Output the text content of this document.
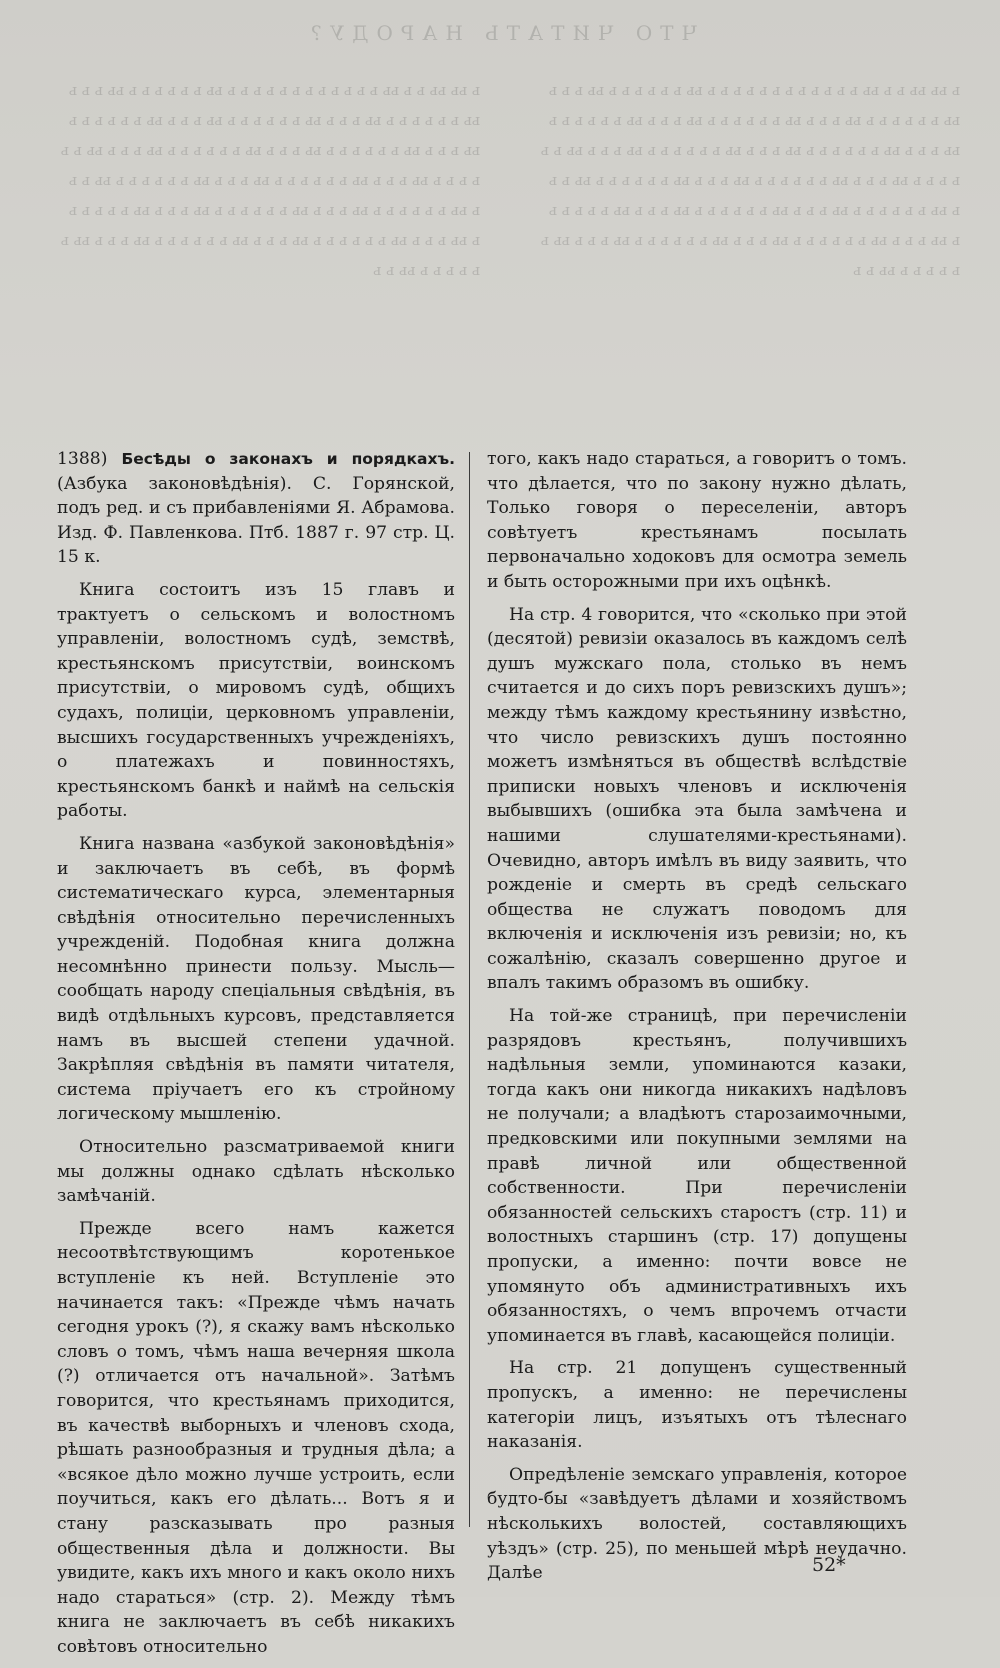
ЧТО ЧИТАТЬ НАРОДУ?
ь ьь ьь ь ь ьь ь ь ь ь ь ь ь ь ь ь ь ь ьь ь ь ь ь ь ь ьь ь ь ь ьь ь ь ь ь ь ь ьь ь ь ь ьь ь ь ь ь ь ь ьь ь ь ь ьь ь ь ь ь ь ь ьь ь ь ь ьь ь ь ь ь ь ь ьь ь ь ь ьь ь ь ь ь ь ь ьь ь ь ь ьь ь ь ь ь ь ь ьь ь ь ь ьь ь ь ь ь ь ь ьь ь ь ь ьь ь ь ь ь ь ь ьь ь ь ь ьь ь ь ь ь ь ь ьь ь ь ь ьь ь ь ь ь ь ь ьь ь ь ь ьь ь ь ь ь ь ь ьь ь ь ь ьь ь ь ь ь ь ь ьь ь ь ь ьь ь ь ь ь ь ь ьь ь ь ь ьь ь ь ь ь ь ь ьь ь ь
ь ьь ьь ь ь ьь ь ь ь ь ь ь ь ь ь ь ь ь ьь ь ь ь ь ь ь ьь ь ь ь ьь ь ь ь ь ь ь ьь ь ь ь ьь ь ь ь ь ь ь ьь ь ь ь ьь ь ь ь ь ь ь ьь ь ь ь ьь ь ь ь ь ь ь ьь ь ь ь ьь ь ь ь ь ь ь ьь ь ь ь ьь ь ь ь ь ь ь ьь ь ь ь ьь ь ь ь ь ь ь ьь ь ь ь ьь ь ь ь ь ь ь ьь ь ь ь ьь ь ь ь ь ь ь ьь ь ь ь ьь ь ь ь ь ь ь ьь ь ь ь ьь ь ь ь ь ь ь ьь ь ь ь ьь ь ь ь ь ь ь ьь ь ь ь ьь ь ь ь ь ь ь ьь ь ь ь ьь ь ь ь ь ь ь ьь ь ь

1388) Бесѣды о законахъ и порядкахъ. (Азбука законовѣдѣнія). С. Горянской, подъ ред. и съ прибавленіями Я. Абрамова. Изд. Ф. Павленкова. Птб. 1887 г. 97 стр. Ц. 15 к.

Книга состоитъ изъ 15 главъ и трактуетъ о сельскомъ и волостномъ управленіи, волостномъ судѣ, земствѣ, крестьянскомъ присутствіи, воинскомъ присутствіи, о мировомъ судѣ, общихъ судахъ, полиціи, церковномъ управленіи, высшихъ государственныхъ учрежденіяхъ, о платежахъ и повинностяхъ, крестьянскомъ банкѣ и наймѣ на сельскія работы.

Книга названа «азбукой законовѣдѣнія» и заключаетъ въ себѣ, въ формѣ систематическаго курса, элементарныя свѣдѣнія относительно перечисленныхъ учрежденій. Подобная книга должна несомнѣнно принести пользу. Мысль—сообщать народу спеціальныя свѣдѣнія, въ видѣ отдѣльныхъ курсовъ, представляется намъ въ высшей степени удачной. Закрѣпляя свѣдѣнія въ памяти читателя, система пріучаетъ его къ стройному логическому мышленію.

Относительно разсматриваемой книги мы должны однако сдѣлать нѣсколько замѣчаній.

Прежде всего намъ кажется несоотвѣтствующимъ коротенькое вступленіе къ ней. Вступленіе это начинается такъ: «Прежде чѣмъ начать сегодня урокъ (?), я скажу вамъ нѣсколько словъ о томъ, чѣмъ наша вечерняя школа (?) отличается отъ начальной». Затѣмъ говорится, что крестьянамъ приходится, въ качествѣ выборныхъ и членовъ схода, рѣшать разнообразныя и трудныя дѣла; а «всякое дѣло можно лучше устроить, если поучиться, какъ его дѣлать... Вотъ я и стану разсказывать про разныя общественныя дѣла и должности. Вы увидите, какъ ихъ много и какъ около нихъ надо стараться» (стр. 2). Между тѣмъ книга не заключаетъ въ себѣ никакихъ совѣтовъ относительно

того, какъ надо стараться, а говоритъ о томъ. что дѣлается, что по закону нужно дѣлать, Только говоря о переселеніи, авторъ совѣтуетъ крестьянамъ посылать первоначально ходоковъ для осмотра земель и быть осторожными при ихъ оцѣнкѣ.

На стр. 4 говорится, что «сколько при этой (десятой) ревизіи оказалось въ каждомъ селѣ душъ мужскаго пола, столько въ немъ считается и до сихъ поръ ревизскихъ душъ»; между тѣмъ каждому крестьянину извѣстно, что число ревизскихъ душъ постоянно можетъ измѣняться въ обществѣ вслѣдствіе приписки новыхъ членовъ и исключенія выбывшихъ (ошибка эта была замѣчена и нашими слушателями-крестьянами). Очевидно, авторъ имѣлъ въ виду заявить, что рожденіе и смерть въ средѣ сельскаго общества не служатъ поводомъ для включенія и исключенія изъ ревизіи; но, къ сожалѣнію, сказалъ совершенно другое и впалъ такимъ образомъ въ ошибку.

На той-же страницѣ, при перечисленіи разрядовъ крестьянъ, получившихъ надѣльныя земли, упоминаются казаки, тогда какъ они никогда никакихъ надѣловъ не получали; а владѣютъ старозаимочными, предковскими или покупными землями на правѣ личной или общественной собственности. При перечисленіи обязанностей сельскихъ старостъ (стр. 11) и волостныхъ старшинъ (стр. 17) допущены пропуски, а именно: почти вовсе не упомянуто объ административныхъ ихъ обязанностяхъ, о чемъ впрочемъ отчасти упоминается въ главѣ, касающейся полиціи.

На стр. 21 допущенъ существенный пропускъ, а именно: не перечислены категоріи лицъ, изъятыхъ отъ тѣлеснаго наказанія.

Опредѣленіе земскаго управленія, которое будто-бы «завѣдуетъ дѣлами и хозяйствомъ нѣсколькихъ волостей, составляющихъ уѣздъ» (стр. 25), по меньшей мѣрѣ неудачно. Далѣе	52*
